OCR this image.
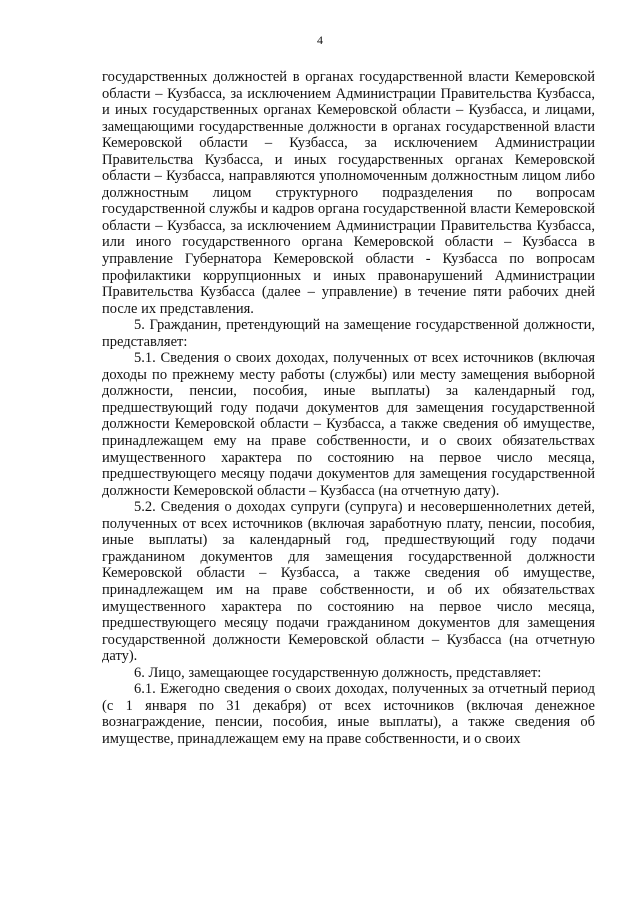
4

государственных должностей в органах государственной власти Кемеровской области – Кузбасса, за исключением Администрации Правительства Кузбасса, и иных государственных органах Кемеровской области – Кузбасса, и лицами, замещающими государственные должности в органах государственной власти Кемеровской области – Кузбасса, за исключением Администрации Правительства Кузбасса, и иных государственных органах Кемеровской области – Кузбасса, направляются уполномоченным должностным лицом либо должностным лицом структурного подразделения по вопросам государственной службы и кадров органа государственной власти Кемеровской области – Кузбасса, за исключением Администрации Правительства Кузбасса, или иного государственного органа Кемеровской области – Кузбасса в управление Губернатора Кемеровской области - Кузбасса по вопросам профилактики коррупционных и иных правонарушений Администрации Правительства Кузбасса (далее – управление) в течение пяти рабочих дней после их представления.

5. Гражданин, претендующий на замещение государственной должности, представляет:

5.1. Сведения о своих доходах, полученных от всех источников (включая доходы по прежнему месту работы (службы) или месту замещения выборной должности, пенсии, пособия, иные выплаты) за календарный год, предшествующий году подачи документов для замещения государственной должности Кемеровской области – Кузбасса, а также сведения об имуществе, принадлежащем ему на праве собственности, и о своих обязательствах имущественного характера по состоянию на первое число месяца, предшествующего месяцу подачи документов для замещения государственной должности Кемеровской области – Кузбасса (на отчетную дату).

5.2. Сведения о доходах супруги (супруга) и несовершеннолетних детей, полученных от всех источников (включая заработную плату, пенсии, пособия, иные выплаты) за календарный год, предшествующий году подачи гражданином документов для замещения государственной должности Кемеровской области – Кузбасса, а также сведения об имуществе, принадлежащем им на праве собственности, и об их обязательствах имущественного характера по состоянию на первое число месяца, предшествующего месяцу подачи гражданином документов для замещения государственной должности Кемеровской области – Кузбасса (на отчетную дату).

6. Лицо, замещающее государственную должность, представляет:

6.1. Ежегодно сведения о своих доходах, полученных за отчетный период (с 1 января по 31 декабря) от всех источников (включая денежное вознаграждение, пенсии, пособия, иные выплаты), а также сведения об имуществе, принадлежащем ему на праве собственности, и о своих
